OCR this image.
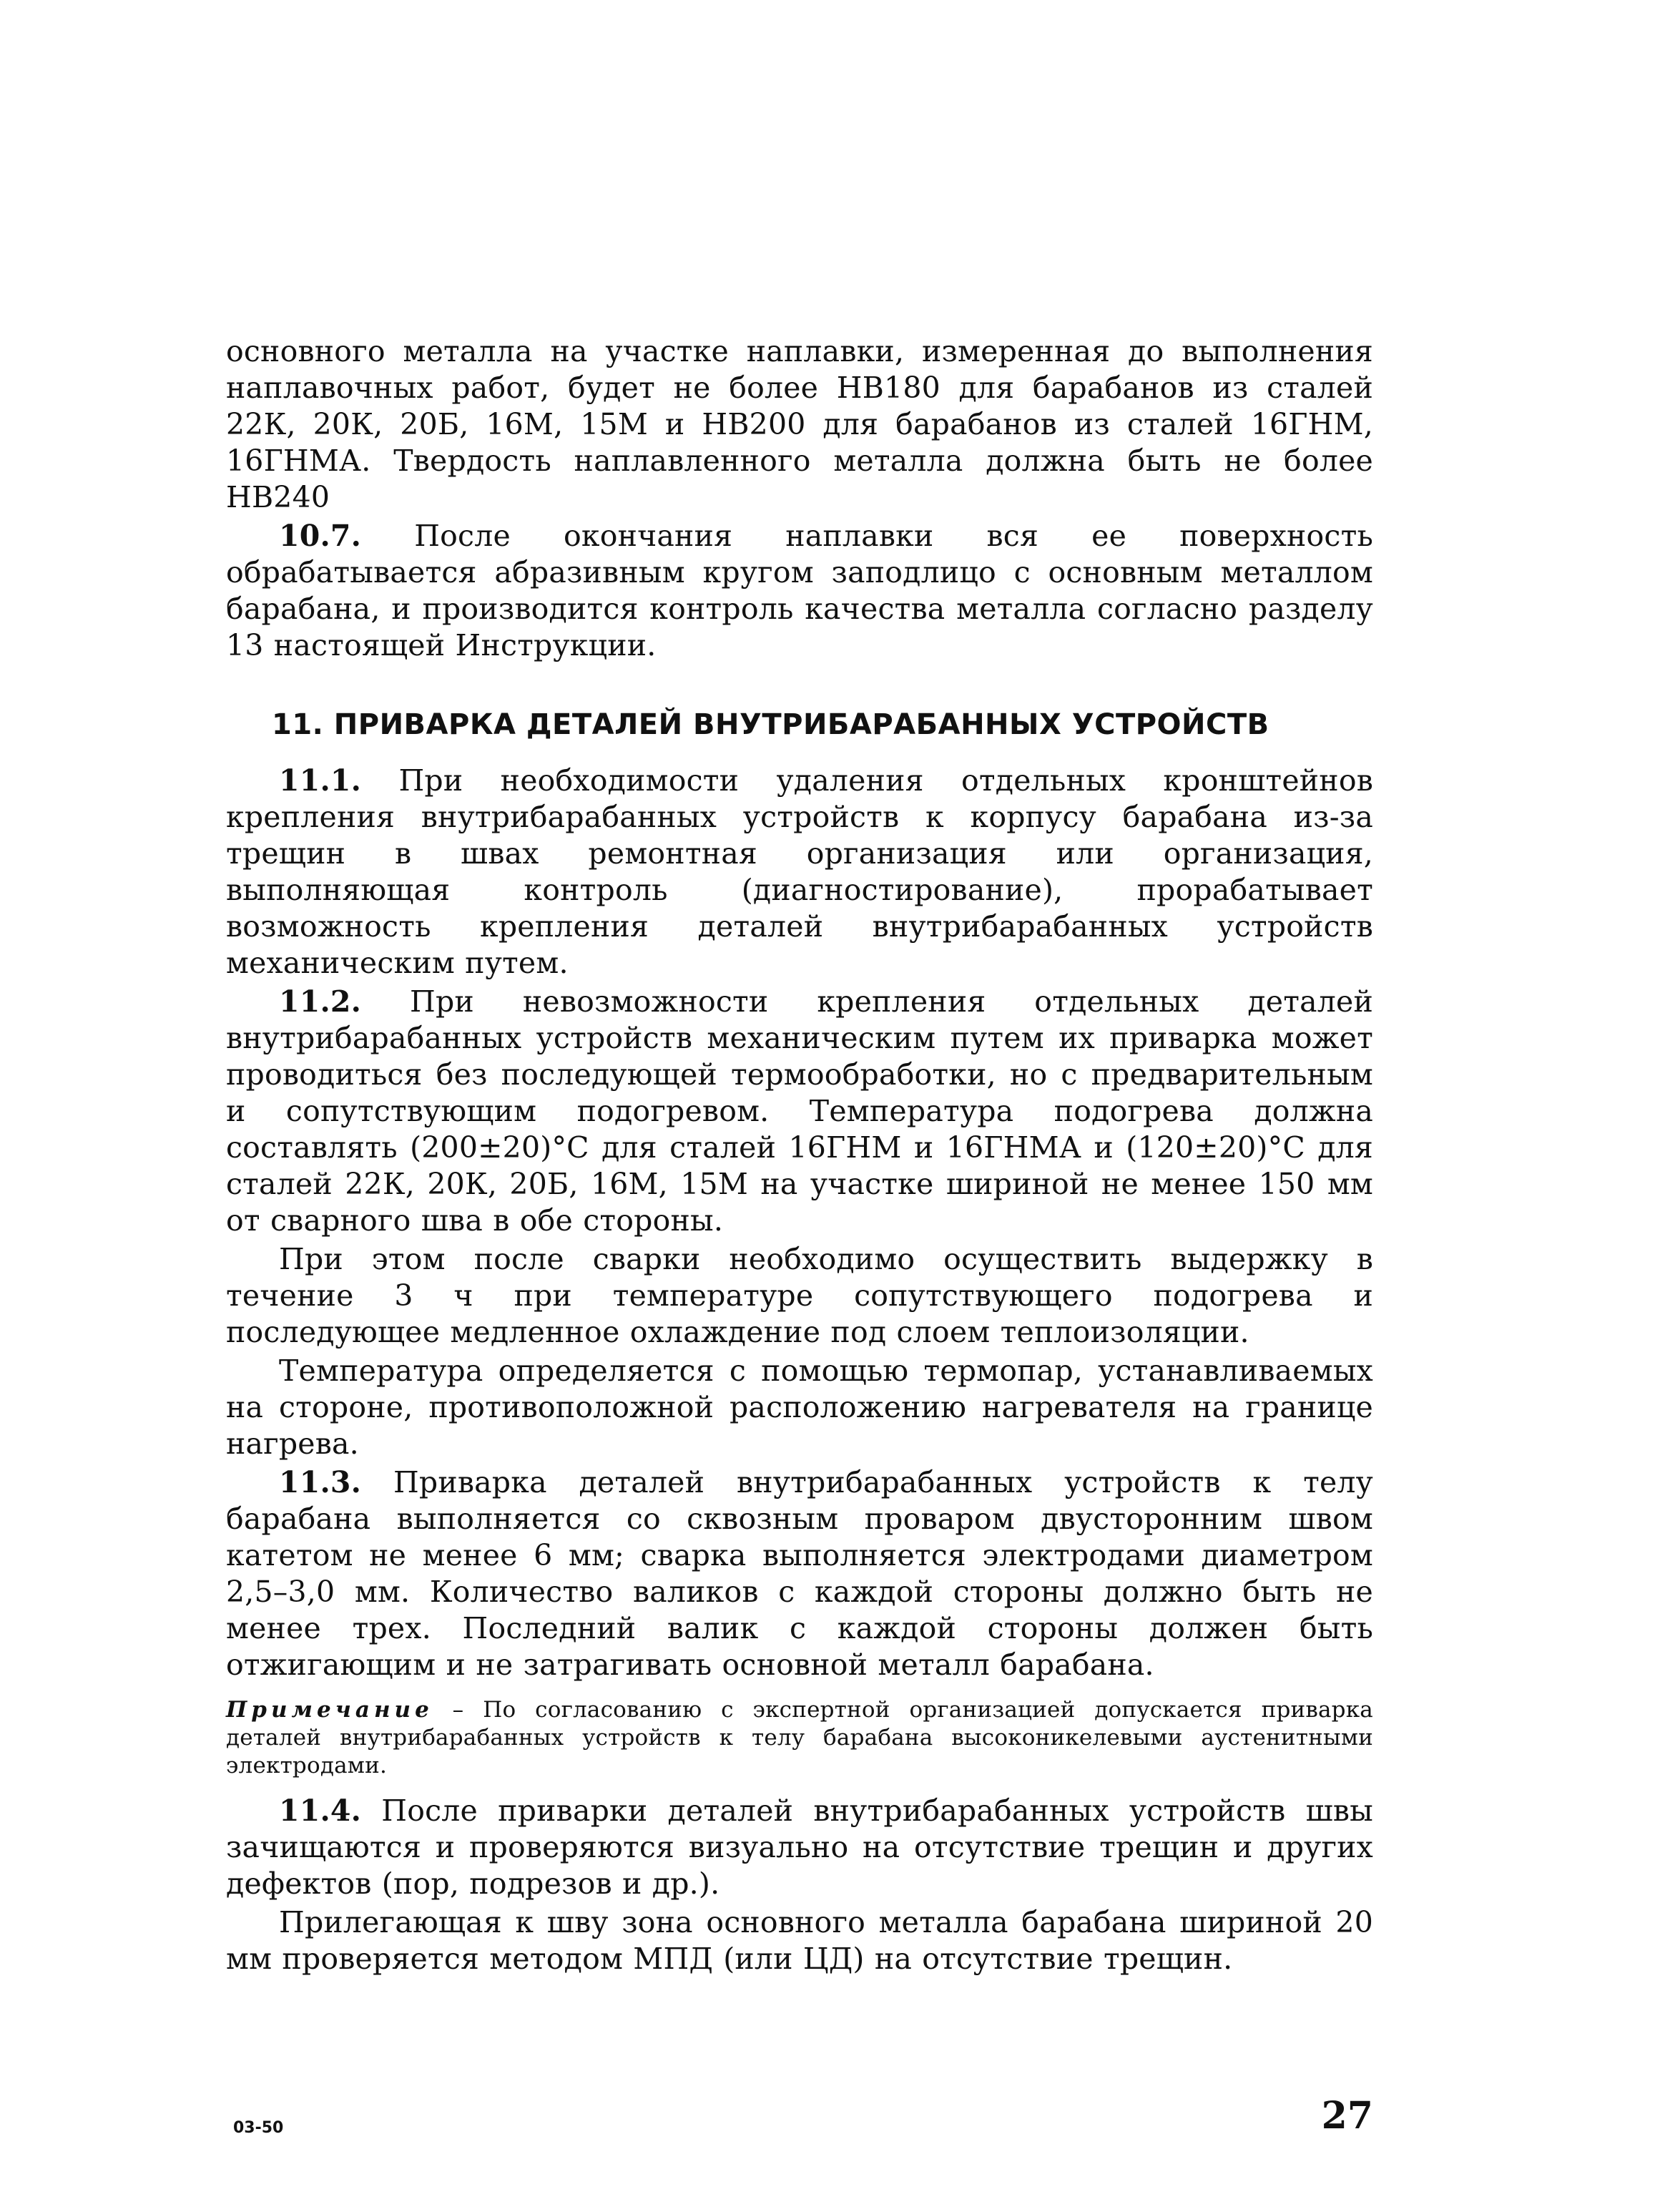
основного металла на участке наплавки, измеренная до выполнения наплавочных работ, будет не более НВ180 для барабанов из сталей 22К, 20К, 20Б, 16М, 15М и НВ200 для барабанов из сталей 16ГНМ, 16ГНМА. Твердость наплавленного металла должна быть не более НВ240

10.7. После окончания наплавки вся ее поверхность обрабатывается абразивным кругом заподлицо с основным металлом барабана, и производится контроль качества металла согласно разделу 13 настоящей Инструкции.

11. ПРИВАРКА ДЕТАЛЕЙ ВНУТРИБАРАБАННЫХ УСТРОЙСТВ

11.1. При необходимости удаления отдельных кронштейнов крепления внутрибарабанных устройств к корпусу барабана из-за трещин в швах ремонтная организация или организация, выполняющая контроль (диагностирование), прорабатывает возможность крепления деталей внутрибарабанных устройств механическим путем.

11.2. При невозможности крепления отдельных деталей внутрибарабанных устройств механическим путем их приварка может проводиться без последующей термообработки, но с предварительным и сопутствующим подогревом. Температура подогрева должна составлять (200±20)°С для сталей 16ГНМ и 16ГНМА и (120±20)°С для сталей 22К, 20К, 20Б, 16М, 15М на участке шириной не менее 150 мм от сварного шва в обе стороны.

При этом после сварки необходимо осуществить выдержку в течение 3 ч при температуре сопутствующего подогрева и последующее медленное охлаждение под слоем теплоизоляции.

Температура определяется с помощью термопар, устанавливаемых на стороне, противоположной расположению нагревателя на границе нагрева.

11.3. Приварка деталей внутрибарабанных устройств к телу барабана выполняется со сквозным проваром двусторонним швом катетом не менее 6 мм; сварка выполняется электродами диаметром 2,5–3,0 мм. Количество валиков с каждой стороны должно быть не менее трех. Последний валик с каждой стороны должен быть отжигающим и не затрагивать основной металл барабана.

Примечание – По согласованию с экспертной организацией допускается приварка деталей внутрибарабанных устройств к телу барабана высоконикелевыми аустенитными электродами.

11.4. После приварки деталей внутрибарабанных устройств швы зачищаются и проверяются визуально на отсутствие трещин и других дефектов (пор, подрезов и др.).

Прилегающая к шву зона основного металла барабана шириной 20 мм проверяется методом МПД (или ЦД) на отсутствие трещин.

03-50	27
